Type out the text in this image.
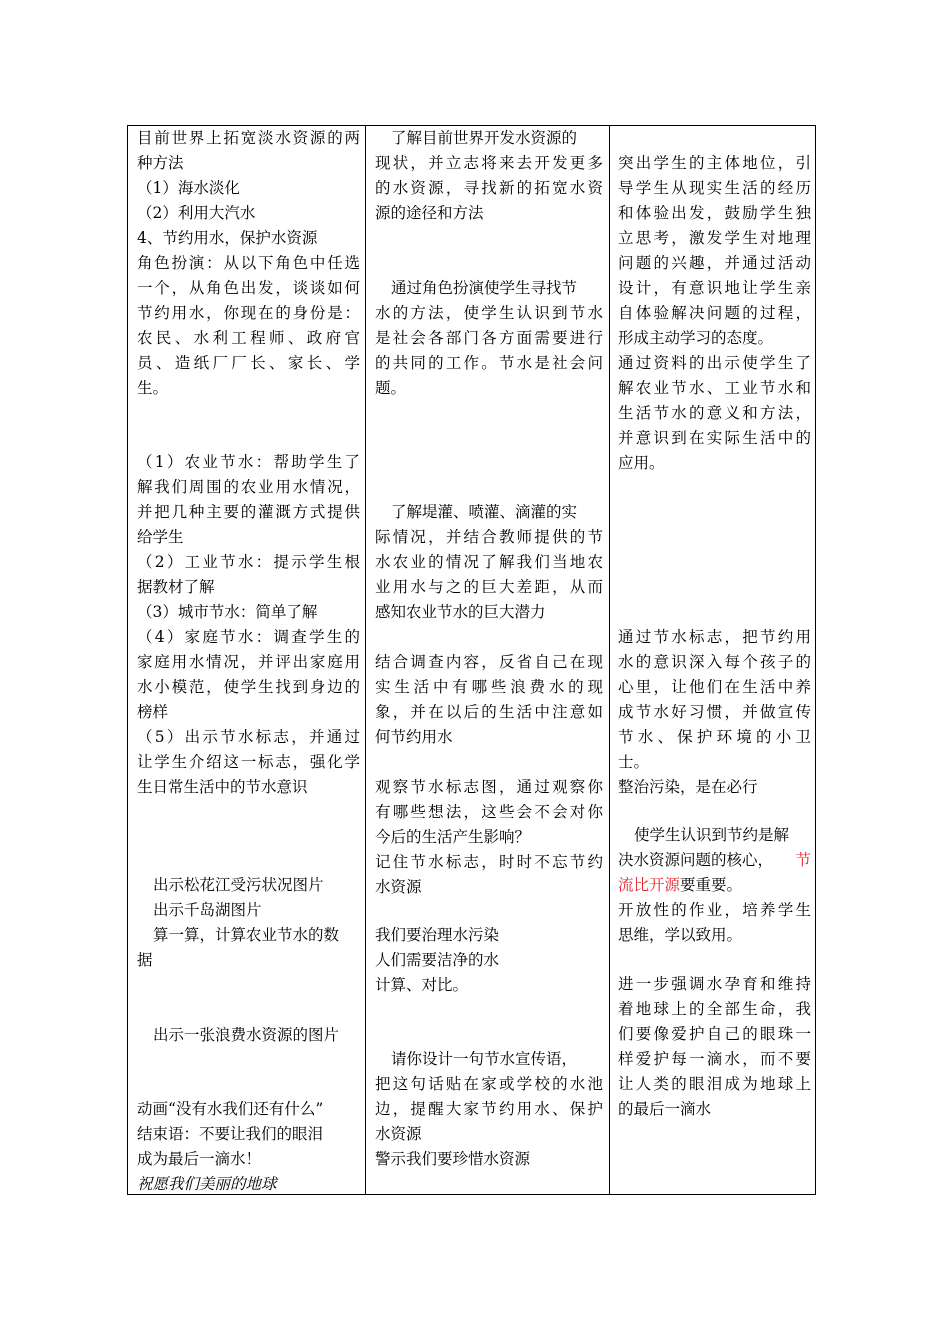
目前世界上拓宽淡水资源的两
种方法
（1）海水淡化
（2）利用大汽水
4、节约用水，保护水资源
角色扮演：从以下角色中任选
一个，从角色出发，谈谈如何
节约用水，你现在的身份是：
农民、水利工程师、政府官
员、造纸厂厂长、家长、学
生。
（1）农业节水：帮助学生了
解我们周围的农业用水情况，
并把几种主要的灌溉方式提供
给学生
（2）工业节水：提示学生根
据教材了解
（3）城市节水：简单了解
（4）家庭节水：调查学生的
家庭用水情况，并评出家庭用
水小模范，使学生找到身边的
榜样
（5）出示节水标志，并通过
让学生介绍这一标志，强化学
生日常生活中的节水意识
出示松花江受污状况图片
出示千岛湖图片
算一算，计算农业节水的数
据
出示一张浪费水资源的图片
动画“没有水我们还有什么”
结束语：不要让我们的眼泪
成为最后一滴水！
祝愿我们美丽的地球
了解目前世界开发水资源的
现状，并立志将来去开发更多
的水资源，寻找新的拓宽水资
源的途径和方法
通过角色扮演使学生寻找节
水的方法，使学生认识到节水
是社会各部门各方面需要进行
的共同的工作。节水是社会问
题。
了解堤灌、喷灌、滴灌的实
际情况，并结合教师提供的节
水农业的情况了解我们当地农
业用水与之的巨大差距，从而
感知农业节水的巨大潜力
结合调查内容，反省自己在现
实生活中有哪些浪费水的现
象，并在以后的生活中注意如
何节约用水
观察节水标志图，通过观察你
有哪些想法，这些会不会对你
今后的生活产生影响？
记住节水标志，时时不忘节约
水资源
我们要治理水污染
人们需要洁净的水
计算、对比。
请你设计一句节水宣传语，
把这句话贴在家或学校的水池
边，提醒大家节约用水、保护
水资源
警示我们要珍惜水资源
突出学生的主体地位，引
导学生从现实生活的经历
和体验出发，鼓励学生独
立思考，激发学生对地理
问题的兴趣，并通过活动
设计，有意识地让学生亲
自体验解决问题的过程，
形成主动学习的态度。
通过资料的出示使学生了
解农业节水、工业节水和
生活节水的意义和方法，
并意识到在实际生活中的
应用。
通过节水标志，把节约用
水的意识深入每个孩子的
心里，让他们在生活中养
成节水好习惯，并做宣传
节水、保护环境的小卫
士。
整治污染，是在必行
使学生认识到节约是解
决水资源问题的核心， 节
流比开源要重要。
开放性的作业，培养学生
思维，学以致用。
进一步强调水孕育和维持
着地球上的全部生命，我
们要像爱护自己的眼珠一
样爱护每一滴水，而不要
让人类的眼泪成为地球上
的最后一滴水
